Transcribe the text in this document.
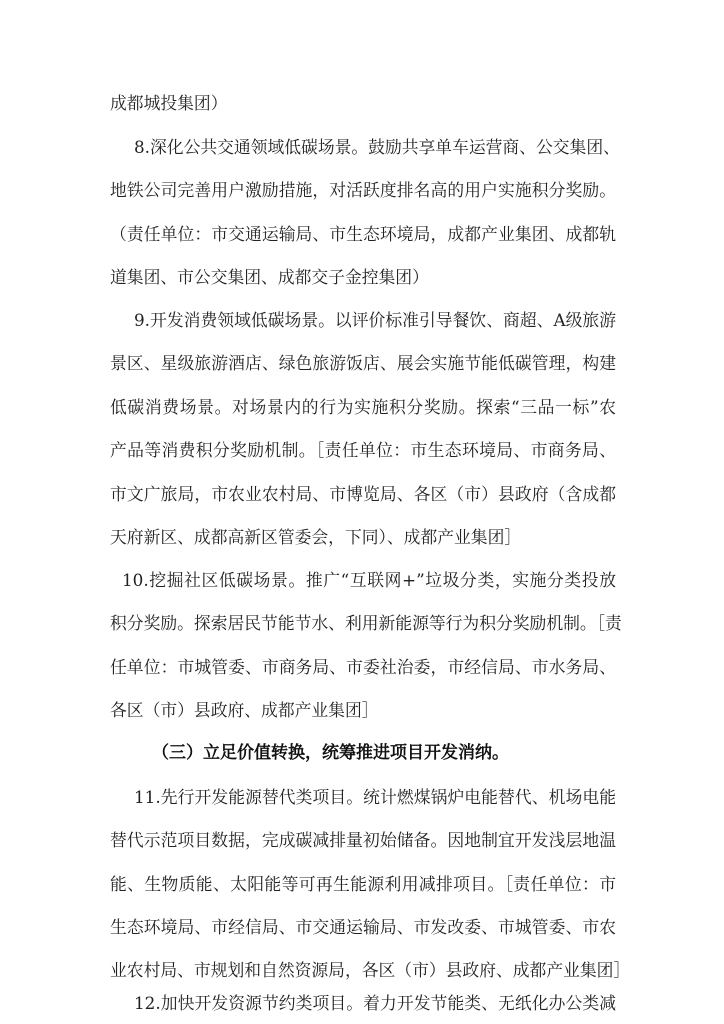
成都城投集团）
8.深化公共交通领域低碳场景。鼓励共享单车运营商、公交集团、
地铁公司完善用户激励措施，对活跃度排名高的用户实施积分奖励。
（责任单位：市交通运输局、市生态环境局，成都产业集团、成都轨
道集团、市公交集团、成都交子金控集团）
9.开发消费领域低碳场景。以评价标准引导餐饮、商超、A级旅游
景区、星级旅游酒店、绿色旅游饭店、展会实施节能低碳管理，构建
低碳消费场景。对场景内的行为实施积分奖励。探索“三品一标”农
产品等消费积分奖励机制。［责任单位：市生态环境局、市商务局、
市文广旅局，市农业农村局、市博览局、各区（市）县政府（含成都
天府新区、成都高新区管委会，下同）、成都产业集团］
10.挖掘社区低碳场景。推广“互联网+”垃圾分类，实施分类投放
积分奖励。探索居民节能节水、利用新能源等行为积分奖励机制。［责
任单位：市城管委、市商务局、市委社治委，市经信局、市水务局、
各区（市）县政府、成都产业集团］
（三）立足价值转换，统筹推进项目开发消纳。
11.先行开发能源替代类项目。统计燃煤锅炉电能替代、机场电能
替代示范项目数据，完成碳减排量初始储备。因地制宜开发浅层地温
能、生物质能、太阳能等可再生能源利用减排项目。［责任单位：市
生态环境局、市经信局、市交通运输局、市发改委、市城管委、市农
业农村局、市规划和自然资源局，各区（市）县政府、成都产业集团］
12.加快开发资源节约类项目。着力开发节能类、无纸化办公类减
